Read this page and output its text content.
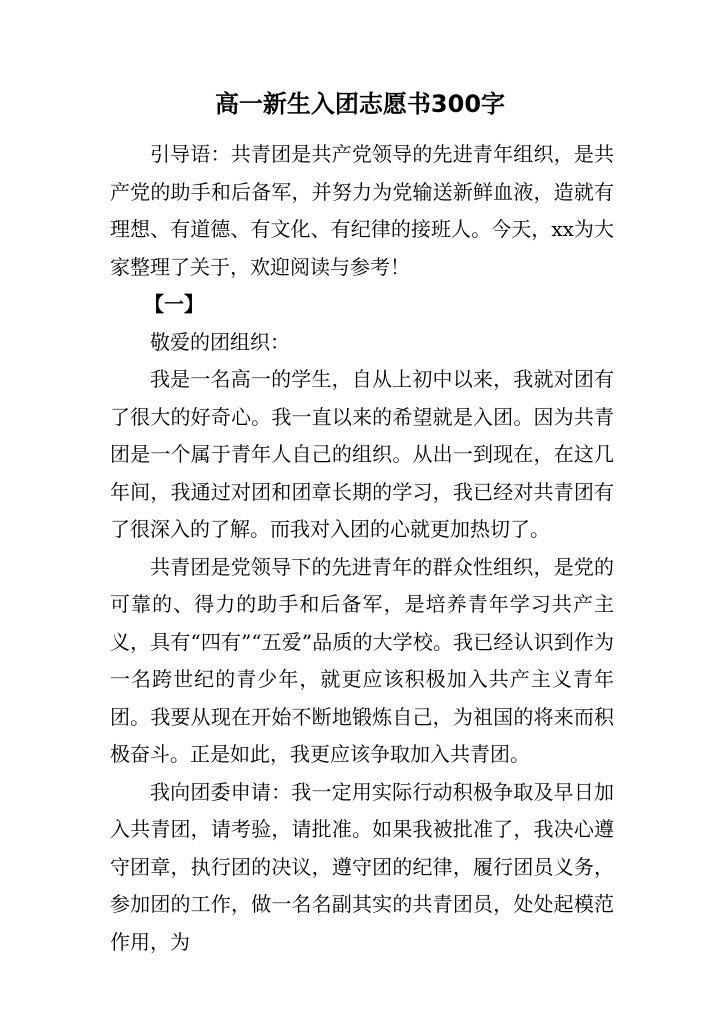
高一新生入团志愿书300字

引导语：共青团是共产党领导的先进青年组织，是共产党的助手和后备军，并努力为党输送新鲜血液，造就有理想、有道德、有文化、有纪律的接班人。今天，xx为大家整理了关于，欢迎阅读与参考！

【一】

敬爱的团组织：

我是一名高一的学生，自从上初中以来，我就对团有了很大的好奇心。我一直以来的希望就是入团。因为共青团是一个属于青年人自己的组织。从出一到现在，在这几年间，我通过对团和团章长期的学习，我已经对共青团有了很深入的了解。而我对入团的心就更加热切了。

共青团是党领导下的先进青年的群众性组织，是党的可靠的、得力的助手和后备军，是培养青年学习共产主义，具有“四有”“五爱”品质的大学校。我已经认识到作为一名跨世纪的青少年，就更应该积极加入共产主义青年团。我要从现在开始不断地锻炼自己，为祖国的将来而积极奋斗。正是如此，我更应该争取加入共青团。

我向团委申请：我一定用实际行动积极争取及早日加入共青团，请考验，请批准。如果我被批准了，我决心遵守团章，执行团的决议，遵守团的纪律，履行团员义务，参加团的工作，做一名名副其实的共青团员，处处起模范作用，为
